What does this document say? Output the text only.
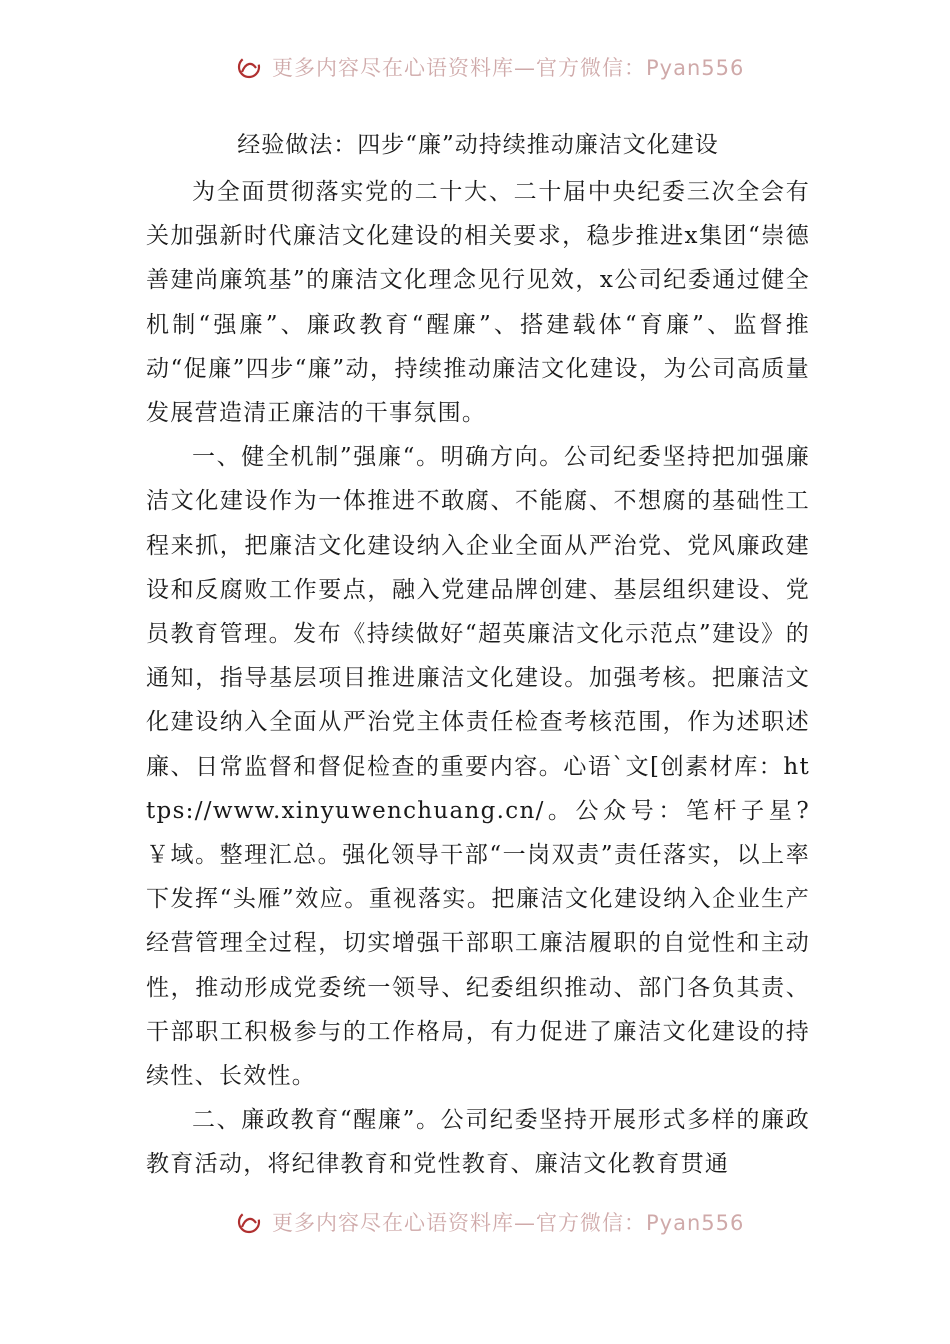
更多内容尽在心语资料库—官方微信：Pyan556
经验做法：四步“廉”动持续推动廉洁文化建设

为全面贯彻落实党的二十大、二十届中央纪委三次全会有关加强新时代廉洁文化建设的相关要求，稳步推进x集团“崇德善建尚廉筑基”的廉洁文化理念见行见效，x公司纪委通过健全机制“强廉”、廉政教育“醒廉”、搭建载体“育廉”、监督推动“促廉”四步“廉”动，持续推动廉洁文化建设，为公司高质量发展营造清正廉洁的干事氛围。

一、健全机制”强廉“。明确方向。公司纪委坚持把加强廉洁文化建设作为一体推进不敢腐、不能腐、不想腐的基础性工程来抓，把廉洁文化建设纳入企业全面从严治党、党风廉政建设和反腐败工作要点，融入党建品牌创建、基层组织建设、党员教育管理。发布《持续做好“超英廉洁文化示范点”建设》的通知，指导基层项目推进廉洁文化建设。加强考核。把廉洁文化建设纳入全面从严治党主体责任检查考核范围，作为述职述廉、日常监督和督促检查的重要内容。心语`文[创素材库：https://www.xinyuwenchuang.cn/。公众号：笔杆子星?￥域。整理汇总。强化领导干部“一岗双责”责任落实，以上率下发挥“头雁”效应。重视落实。把廉洁文化建设纳入企业生产经营管理全过程，切实增强干部职工廉洁履职的自觉性和主动性，推动形成党委统一领导、纪委组织推动、部门各负其责、干部职工积极参与的工作格局，有力促进了廉洁文化建设的持续性、长效性。

二、廉政教育“醒廉”。公司纪委坚持开展形式多样的廉政教育活动，将纪律教育和党性教育、廉洁文化教育贯通

更多内容尽在心语资料库—官方微信：Pyan556
